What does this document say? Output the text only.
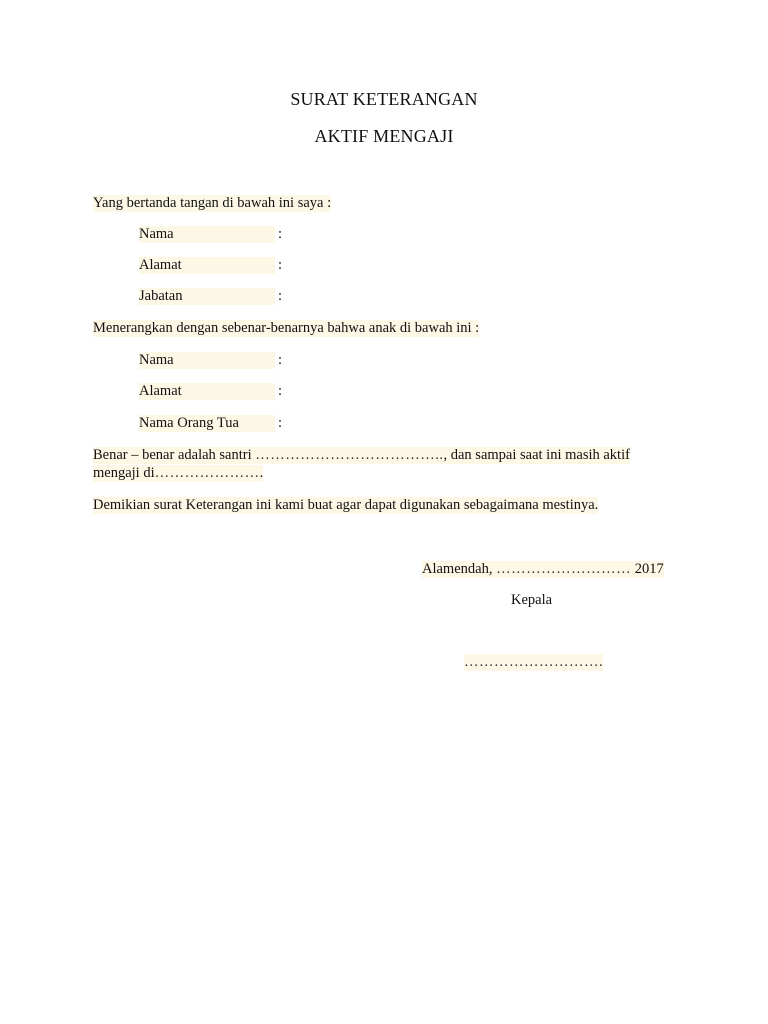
SURAT KETERANGAN
AKTIF MENGAJI
Yang bertanda tangan di bawah ini saya :
Nama	:
Alamat	:
Jabatan	:
Menerangkan dengan sebenar-benarnya bahwa anak di bawah ini :
Nama	:
Alamat	:
Nama Orang Tua	:
Benar – benar adalah santri ……………………………….., dan sampai saat ini masih aktif
mengaji di………………….
Demikian surat Keterangan ini kami buat agar dapat digunakan sebagaimana mestinya.
Alamendah, ……………………… 2017
Kepala
……………………….
